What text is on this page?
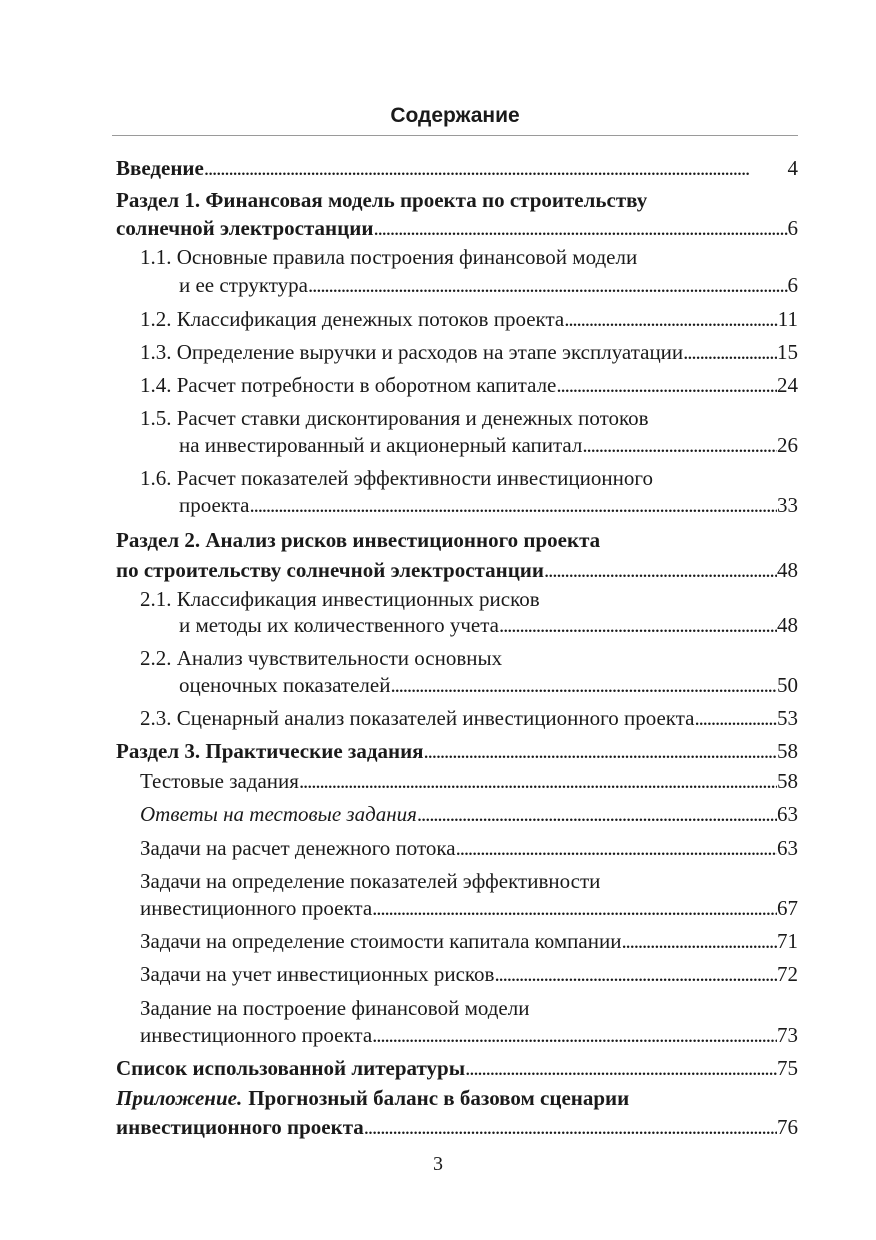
Содержание
Введение . . .	4
Раздел 1. Финансовая модель проекта по строительству
солнечной электростанции . . .	6
1.1. Основные правила построения финансовой модели
и ее структура . . .	6
1.2. Классификация денежных потоков проекта . . .	11
1.3. Определение выручки и расходов на этапе эксплуатации . . .	15
1.4. Расчет потребности в оборотном капитале . . .	24
1.5. Расчет ставки дисконтирования и денежных потоков
на инвестированный и акционерный капитал . . .	26
1.6. Расчет показателей эффективности инвестиционного
проекта . . .	33
Раздел 2. Анализ рисков инвестиционного проекта
по строительству солнечной электростанции . . .	48
2.1. Классификация инвестиционных рисков
и методы их количественного учета . . .	48
2.2. Анализ чувствительности основных
оценочных показателей . . .	50
2.3. Сценарный анализ показателей инвестиционного проекта . . .	53
Раздел 3. Практические задания . . .	58
Тестовые задания . . .	58
Ответы на тестовые задания . . .	63
Задачи на расчет денежного потока . . .	63
Задачи на определение показателей эффективности
инвестиционного проекта . . .	67
Задачи на определение стоимости капитала компании . . .	71
Задачи на учет инвестиционных рисков . . .	72
Задание на построение финансовой модели
инвестиционного проекта . . .	73
Список использованной литературы . . .	75
Приложение. Прогнозный баланс в базовом сценарии
инвестиционного проекта . . .	76
3
